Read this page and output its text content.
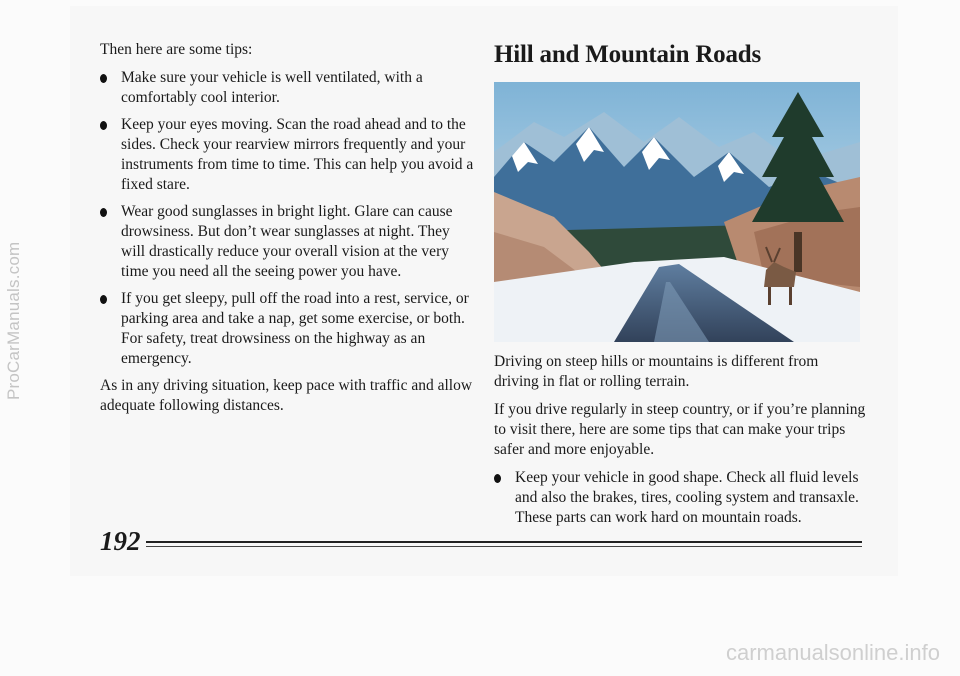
Then here are some tips:

Make sure your vehicle is well ventilated, with a comfortably cool interior.
Keep your eyes moving. Scan the road ahead and to the sides. Check your rearview mirrors frequently and your instruments from time to time. This can help you avoid a fixed stare.
Wear good sunglasses in bright light. Glare can cause drowsiness. But don’t wear sunglasses at night. They will drastically reduce your overall vision at the very time you need all the seeing power you have.
If you get sleepy, pull off the road into a rest, service, or parking area and take a nap, get some exercise, or both. For safety, treat drowsiness on the highway as an emergency.

As in any driving situation, keep pace with traffic and allow adequate following distances.

Hill and Mountain Roads

Driving on steep hills or mountains is different from driving in flat or rolling terrain.

If you drive regularly in steep country, or if you’re planning to visit there, here are some tips that can make your trips safer and more enjoyable.

Keep your vehicle in good shape. Check all fluid levels and also the brakes, tires, cooling system and transaxle. These parts can work hard on mountain roads.
192
ProCarManuals.com
carmanualsonline.info
